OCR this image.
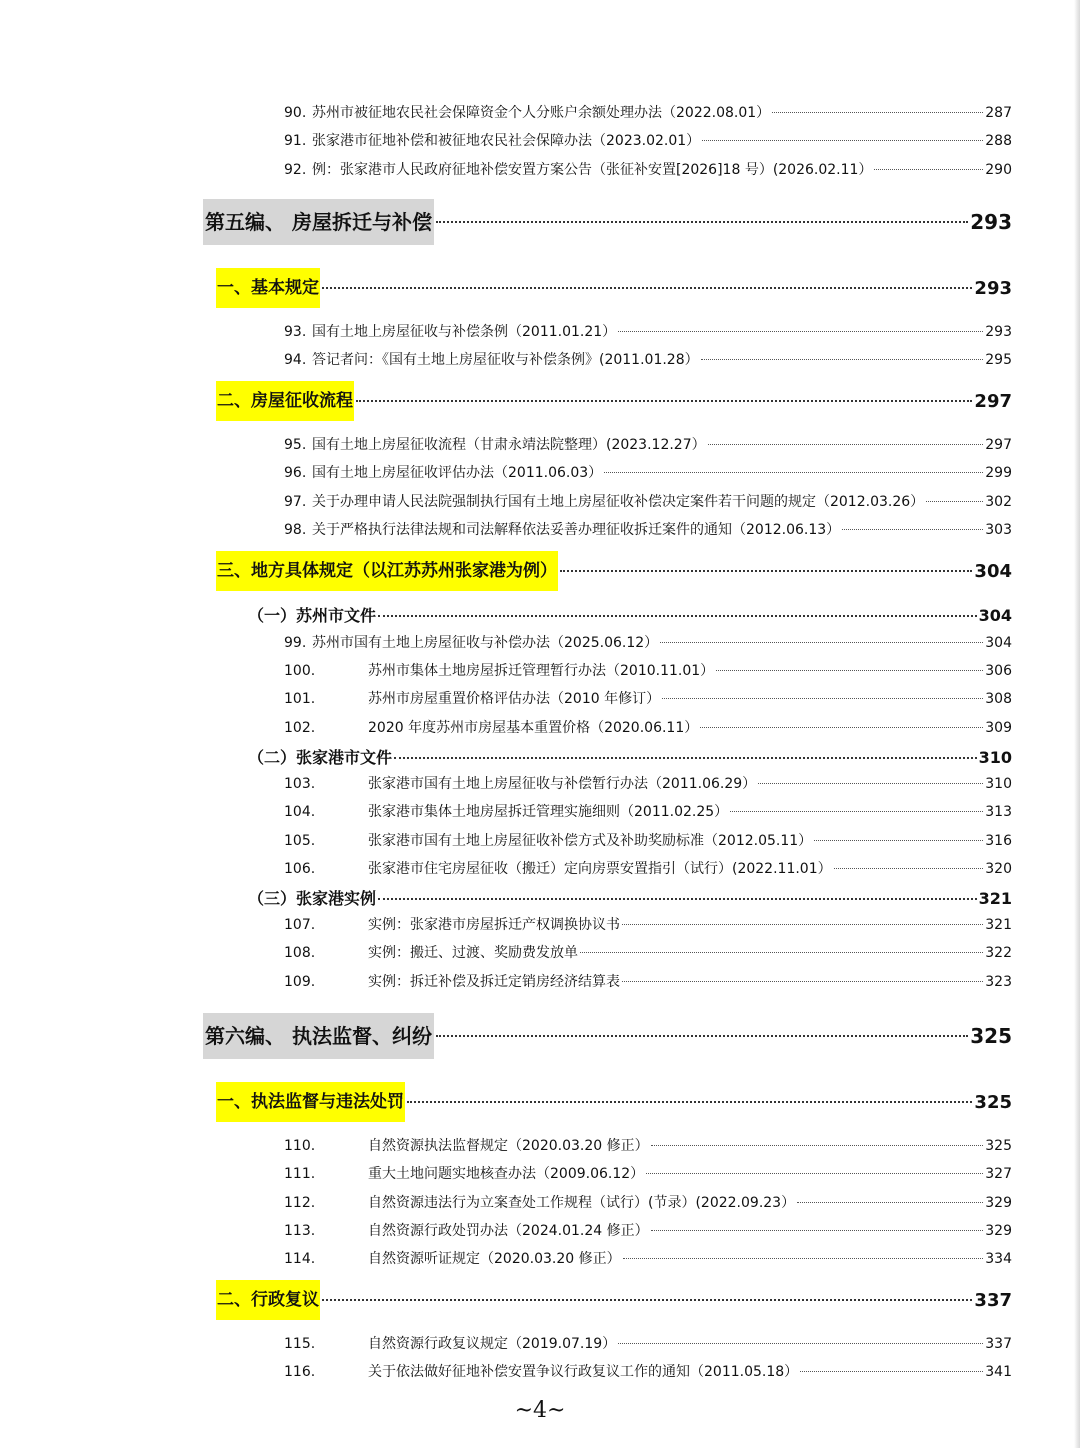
90. 苏州市被征地农民社会保障资金个人分账户余额处理办法（2022.08.01）	287
91. 张家港市征地补偿和被征地农民社会保障办法（2023.02.01）	288
92. 例：张家港市人民政府征地补偿安置方案公告（张征补安置[2026]18 号）(2026.02.11）	290
第五编、 房屋拆迁与补偿	293
一、基本规定	293
93. 国有土地上房屋征收与补偿条例（2011.01.21）	293
94. 答记者问：《国有土地上房屋征收与补偿条例》(2011.01.28）	295
二、房屋征收流程	297
95. 国有土地上房屋征收流程（甘肃永靖法院整理）(2023.12.27）	297
96. 国有土地上房屋征收评估办法（2011.06.03）	299
97. 关于办理申请人民法院强制执行国有土地上房屋征收补偿决定案件若干问题的规定（2012.03.26）	302
98. 关于严格执行法律法规和司法解释依法妥善办理征收拆迁案件的通知（2012.06.13）	303
三、地方具体规定（以江苏苏州张家港为例）	304
（一）苏州市文件	304
99. 苏州市国有土地上房屋征收与补偿办法（2025.06.12）	304
100.	苏州市集体土地房屋拆迁管理暂行办法（2010.11.01）	306
101.	苏州市房屋重置价格评估办法（2010 年修订）	308
102.	2020 年度苏州市房屋基本重置价格（2020.06.11）	309
（二）张家港市文件	310
103.	张家港市国有土地上房屋征收与补偿暂行办法（2011.06.29）	310
104.	张家港市集体土地房屋拆迁管理实施细则（2011.02.25）	313
105.	张家港市国有土地上房屋征收补偿方式及补助奖励标准（2012.05.11）	316
106.	张家港市住宅房屋征收（搬迁）定向房票安置指引（试行）(2022.11.01）	320
（三）张家港实例	321
107.	实例：张家港市房屋拆迁产权调换协议书	321
108.	实例：搬迁、过渡、奖励费发放单	322
109.	实例：拆迁补偿及拆迁定销房经济结算表	323
第六编、 执法监督、纠纷	325
一、执法监督与违法处罚	325
110.	自然资源执法监督规定（2020.03.20 修正）	325
111.	重大土地问题实地核查办法（2009.06.12）	327
112.	自然资源违法行为立案查处工作规程（试行）(节录）(2022.09.23）	329
113.	自然资源行政处罚办法（2024.01.24 修正）	329
114.	自然资源听证规定（2020.03.20 修正）	334
二、行政复议	337
115.	自然资源行政复议规定（2019.07.19）	337
116.	关于依法做好征地补偿安置争议行政复议工作的通知（2011.05.18）	341
~4~
